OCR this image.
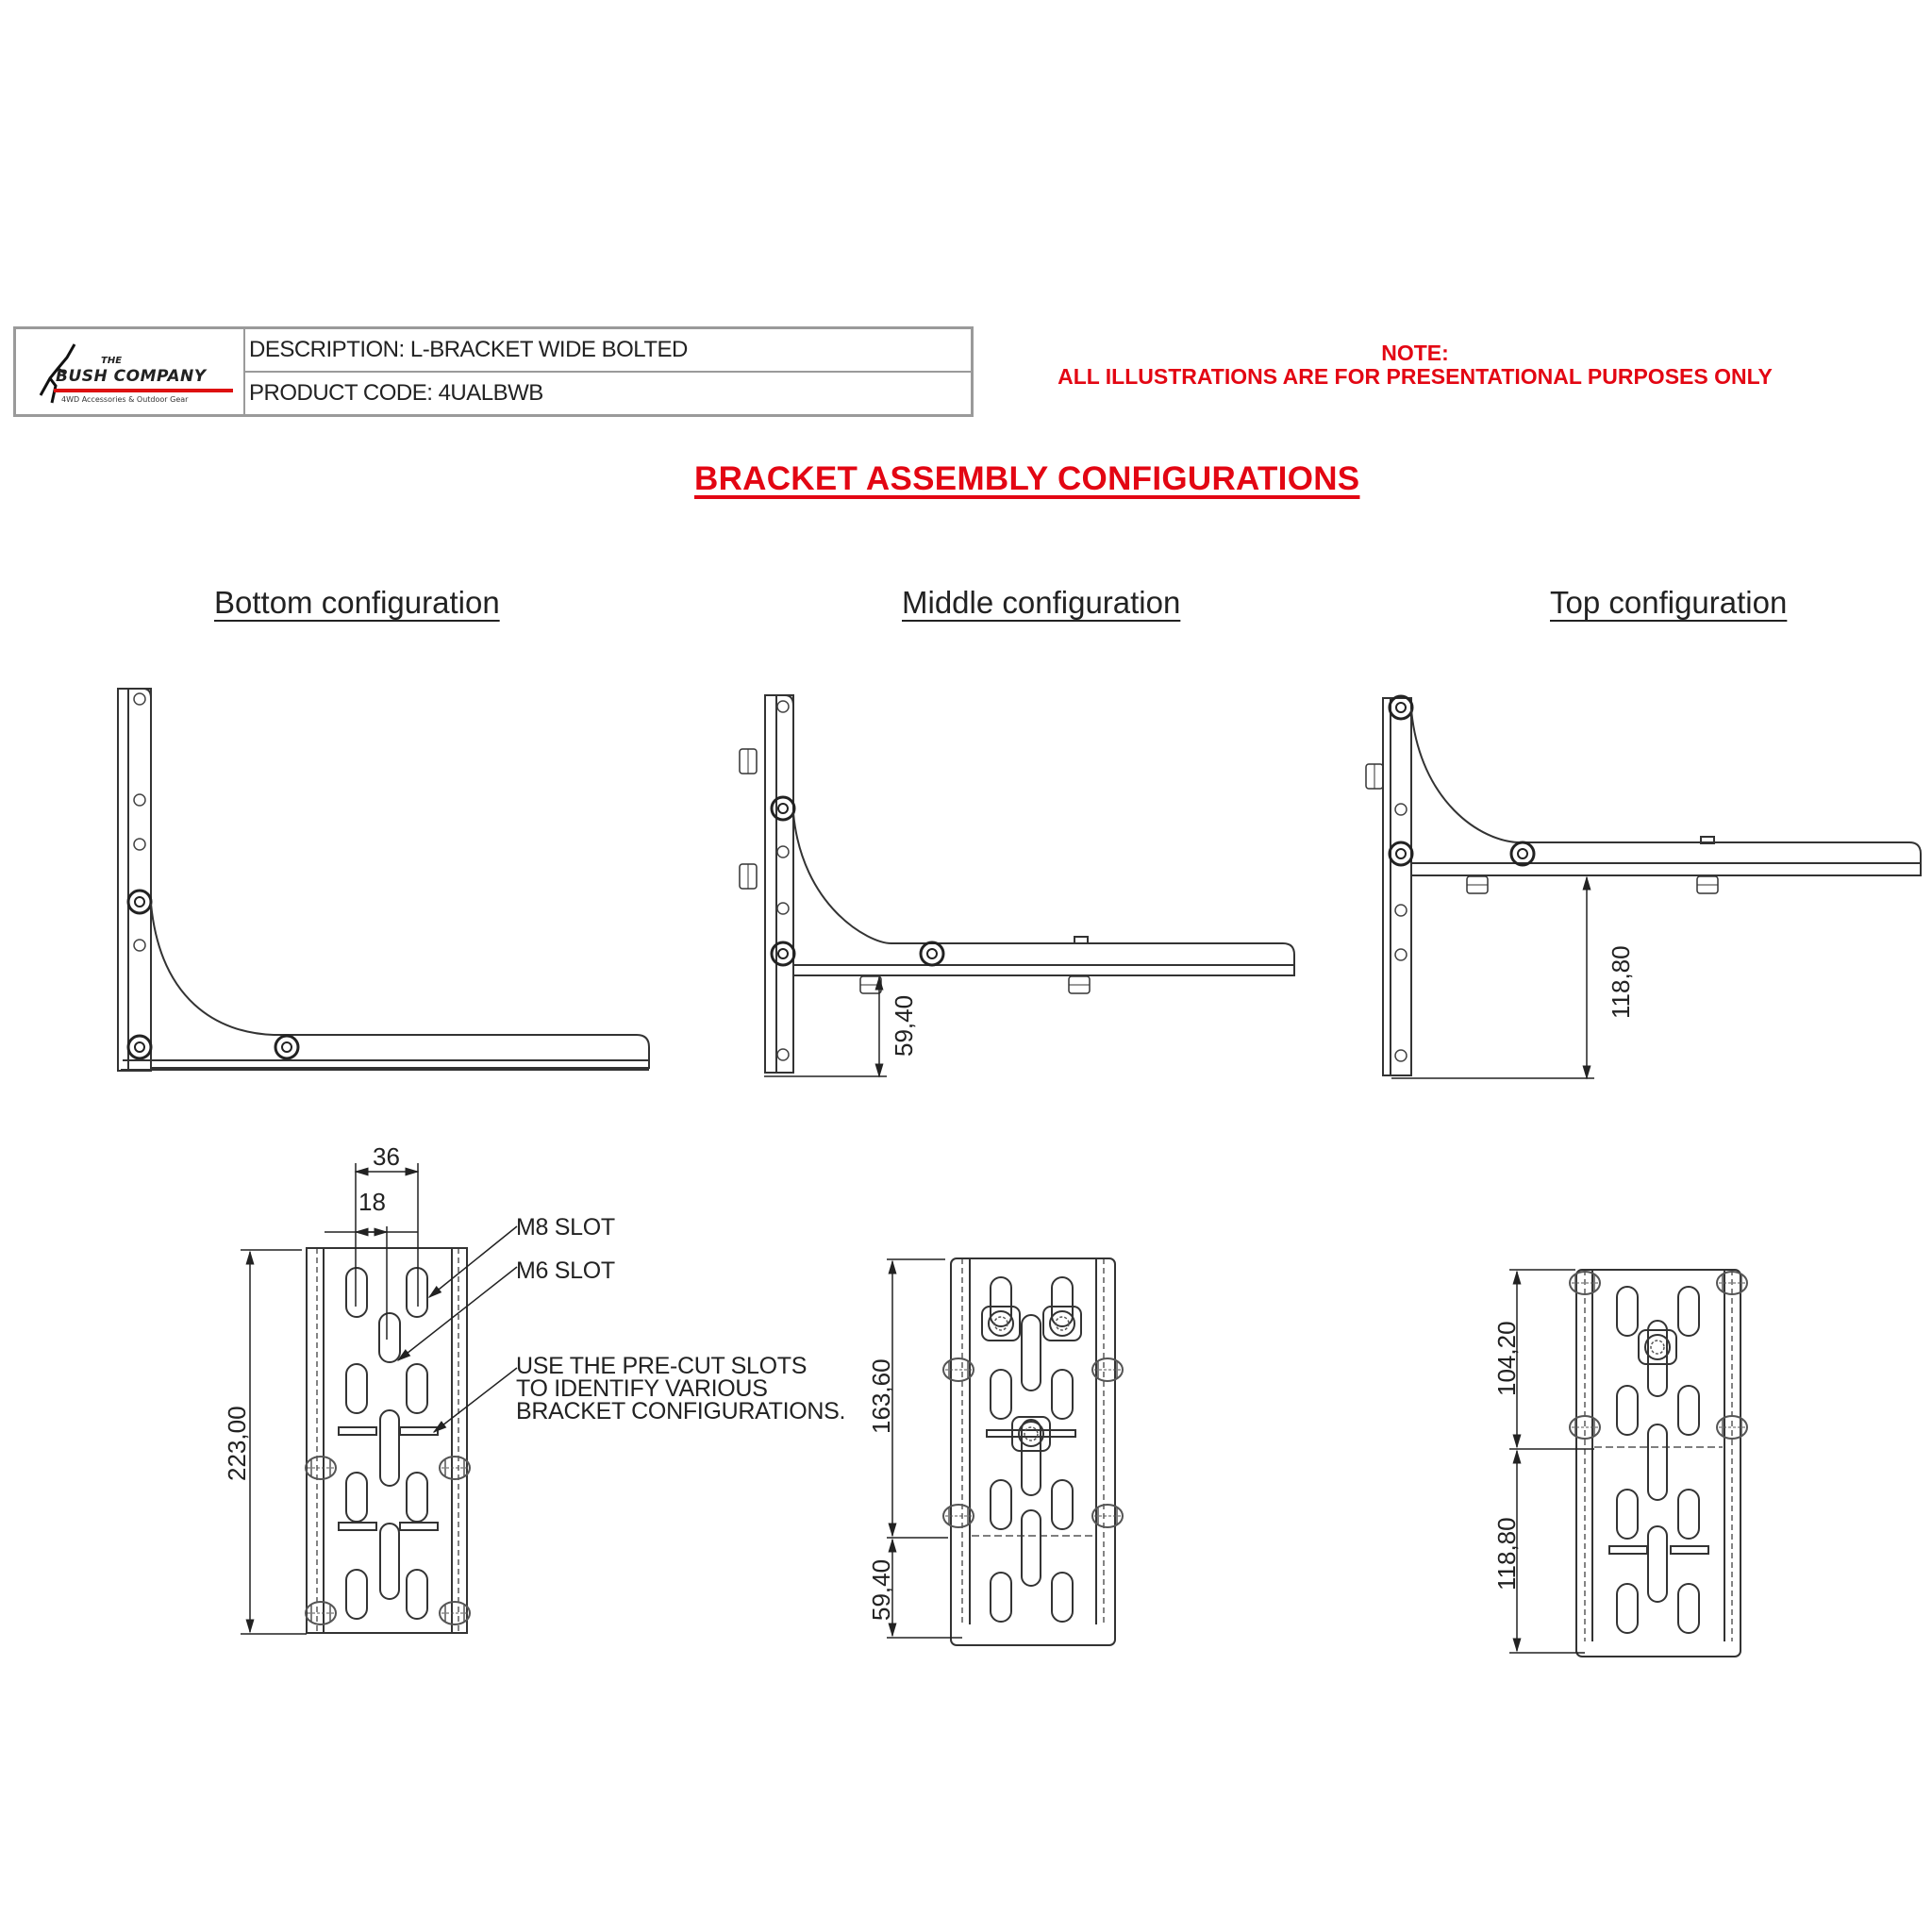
THE
BUSH COMPANY
4WD Accessories & Outdoor Gear
DESCRIPTION: L-BRACKET WIDE BOLTED
PRODUCT CODE: 4UALBWB
NOTE:
ALL ILLUSTRATIONS ARE FOR PRESENTATIONAL PURPOSES ONLY
BRACKET ASSEMBLY CONFIGURATIONS
Bottom configuration	Middle configuration	Top configuration
59,40
118,80
36
18
223,00
163,60
59,40
104,20
118,80
M8 SLOT
M6 SLOT
USE THE PRE-CUT SLOTS
TO IDENTIFY VARIOUS
BRACKET CONFIGURATIONS.
